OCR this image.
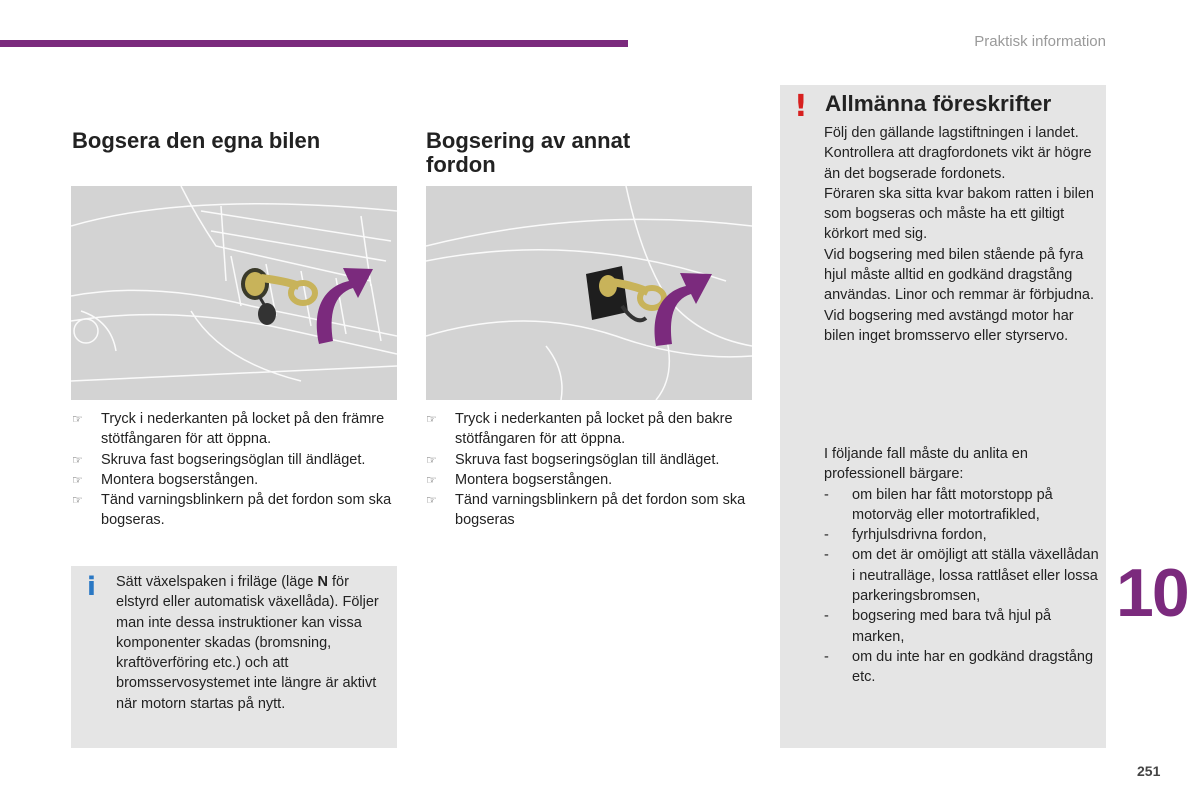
Praktisk information
Bogsera den egna bilen
☞ Tryck i nederkanten på locket på den främre stötfångaren för att öppna.
☞ Skruva fast bogseringsöglan till ändläget.
☞ Montera bogserstången.
☞ Tänd varningsblinkern på det fordon som ska bogseras.
i Sätt växelspaken i friläge (läge N för elstyrd eller automatisk växellåda). Följer man inte dessa instruktioner kan vissa komponenter skadas (bromsning, kraftöverföring etc.) och att bromsservosystemet inte längre är aktivt när motorn startas på nytt.
Bogsering av annat fordon
☞ Tryck i nederkanten på locket på den bakre stötfångaren för att öppna.
☞ Skruva fast bogseringsöglan till ändläget.
☞ Montera bogserstången.
☞ Tänd varningsblinkern på det fordon som ska bogseras
! Allmänna föreskrifter
Följ den gällande lagstiftningen i landet.
Kontrollera att dragfordonets vikt är högre än det bogserade fordonets.
Föraren ska sitta kvar bakom ratten i bilen som bogseras och måste ha ett giltigt körkort med sig.
Vid bogsering med bilen stående på fyra hjul måste alltid en godkänd dragstång användas. Linor och remmar är förbjudna.
Vid bogsering med avstängd motor har bilen inget bromsservo eller styrservo.
I följande fall måste du anlita en professionell bärgare:
- om bilen har fått motorstopp på motorväg eller motortrafikled,
- fyrhjulsdrivna fordon,
- om det är omöjligt att ställa växellådan i neutralläge, lossa rattlåset eller lossa parkeringsbromsen,
- bogsering med bara två hjul på marken,
- om du inte har en godkänd dragstång etc.
10
251
